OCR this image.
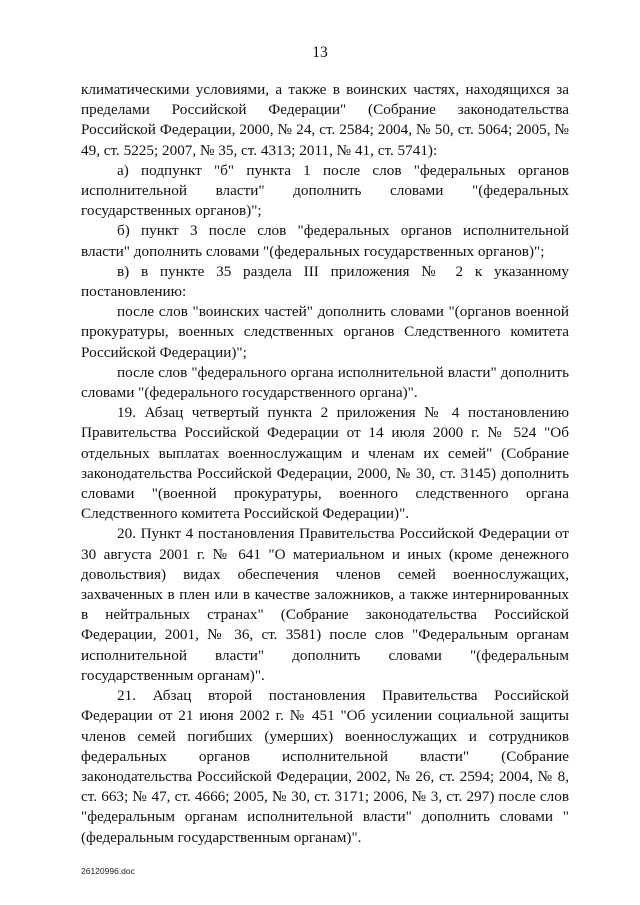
13

климатическими условиями, а также в воинских частях, находящихся за пределами Российской Федерации" (Собрание законодательства Российской Федерации, 2000, № 24, ст. 2584; 2004, № 50, ст. 5064; 2005, № 49, ст. 5225; 2007, № 35, ст. 4313; 2011, № 41, ст. 5741):

а) подпункт "б" пункта 1 после слов "федеральных органов исполнительной власти" дополнить словами "(федеральных государственных органов)";

б) пункт 3 после слов "федеральных органов исполнительной власти" дополнить словами "(федеральных государственных органов)";

в) в пункте 35 раздела III приложения № 2 к указанному постановлению:

после слов "воинских частей" дополнить словами "(органов военной прокуратуры, военных следственных органов Следственного комитета Российской Федерации)";

после слов "федерального органа исполнительной власти" дополнить словами "(федерального государственного органа)".

19. Абзац четвертый пункта 2 приложения № 4 постановлению Правительства Российской Федерации от 14 июля 2000 г. № 524 "Об отдельных выплатах военнослужащим и членам их семей" (Собрание законодательства Российской Федерации, 2000, № 30, ст. 3145) дополнить словами "(военной прокуратуры, военного следственного органа Следственного комитета Российской Федерации)".

20. Пункт 4 постановления Правительства Российской Федерации от 30 августа 2001 г. № 641 "О материальном и иных (кроме денежного довольствия) видах обеспечения членов семей военнослужащих, захваченных в плен или в качестве заложников, а также интернированных в нейтральных странах" (Собрание законодательства Российской Федерации, 2001, № 36, ст. 3581) после слов "Федеральным органам исполнительной власти" дополнить словами "(федеральным государственным органам)".

21. Абзац второй постановления Правительства Российской Федерации от 21 июня 2002 г. № 451 "Об усилении социальной защиты членов семей погибших (умерших) военнослужащих и сотрудников федеральных органов исполнительной власти" (Собрание законодательства Российской Федерации, 2002, № 26, ст. 2594; 2004, № 8, ст. 663; № 47, ст. 4666; 2005, № 30, ст. 3171; 2006, № 3, ст. 297) после слов "федеральным органам исполнительной власти" дополнить словами "(федеральным государственным органам)".

26120996.doc
